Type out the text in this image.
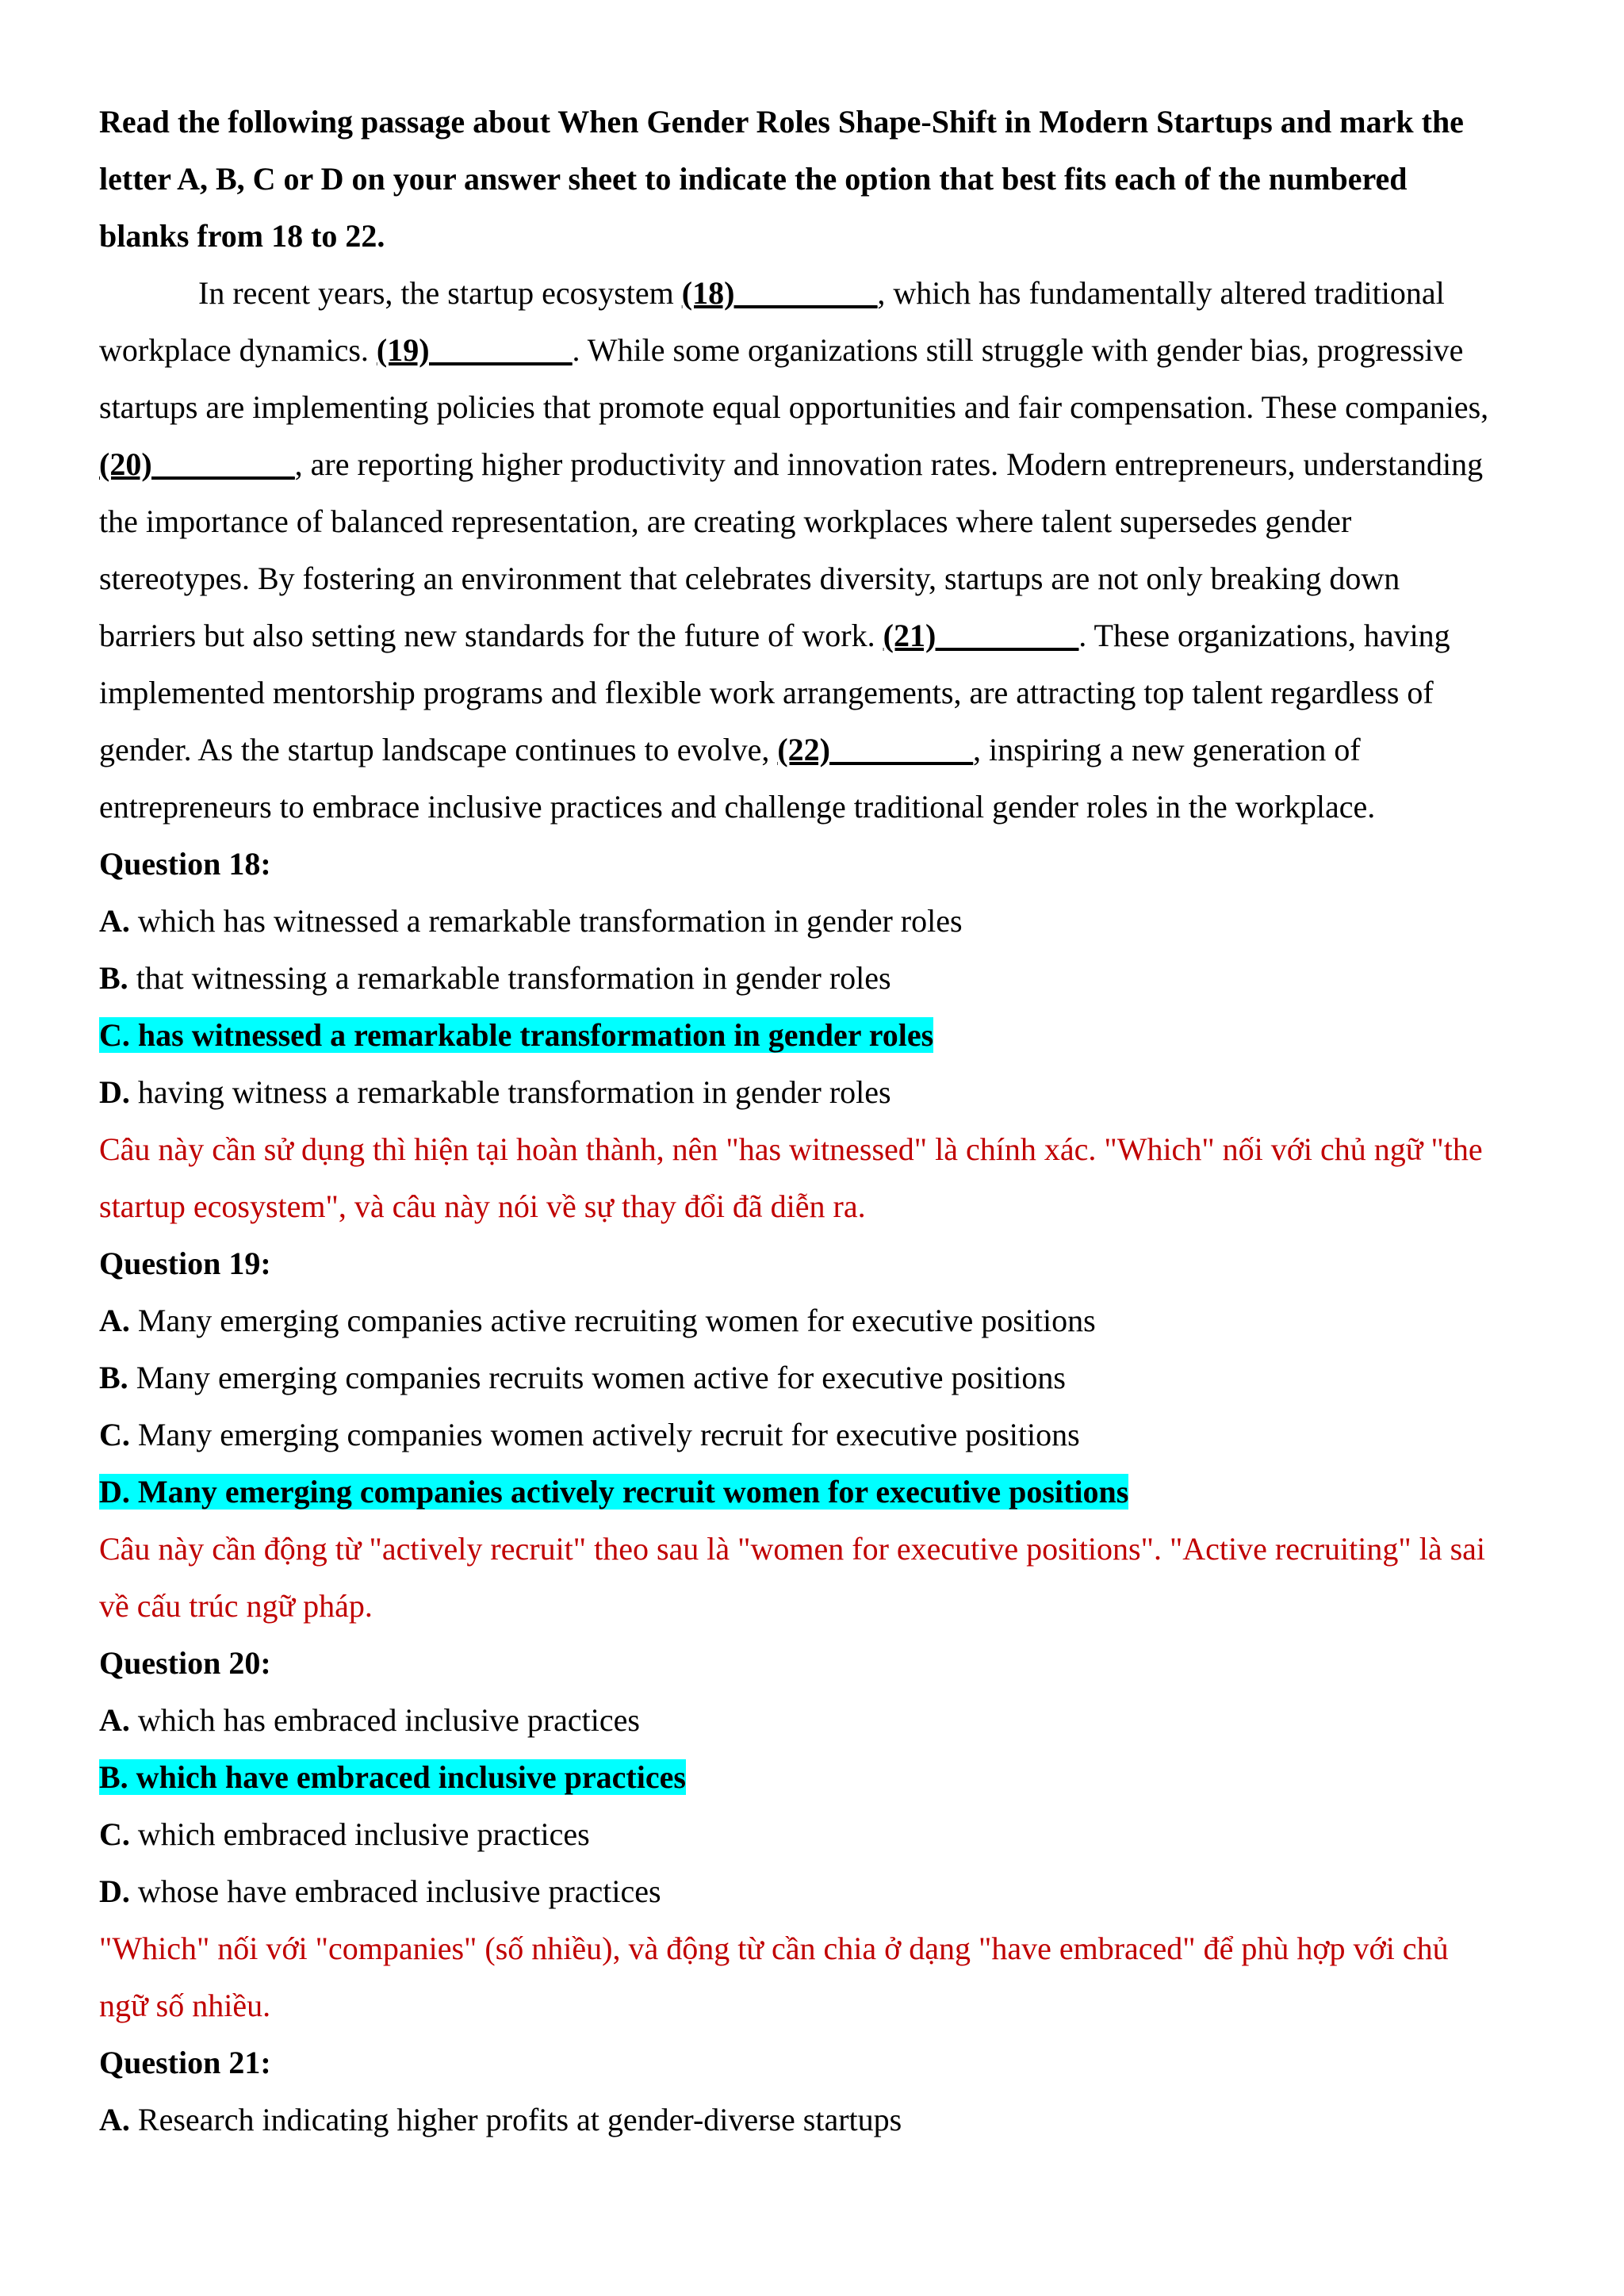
Read the following passage about When Gender Roles Shape-Shift in Modern Startups and mark the
letter A, B, C or D on your answer sheet to indicate the option that best fits each of the numbered
blanks from 18 to 22.
In recent years, the startup ecosystem (18)_________, which has fundamentally altered traditional
workplace dynamics. (19)_________. While some organizations still struggle with gender bias, progressive
startups are implementing policies that promote equal opportunities and fair compensation. These companies,
(20)_________, are reporting higher productivity and innovation rates. Modern entrepreneurs, understanding
the importance of balanced representation, are creating workplaces where talent supersedes gender
stereotypes. By fostering an environment that celebrates diversity, startups are not only breaking down
barriers but also setting new standards for the future of work. (21)_________. These organizations, having
implemented mentorship programs and flexible work arrangements, are attracting top talent regardless of
gender. As the startup landscape continues to evolve, (22)_________, inspiring a new generation of
entrepreneurs to embrace inclusive practices and challenge traditional gender roles in the workplace.
Question 18:
A. which has witnessed a remarkable transformation in gender roles
B. that witnessing a remarkable transformation in gender roles
C. has witnessed a remarkable transformation in gender roles
D. having witness a remarkable transformation in gender roles
Câu này cần sử dụng thì hiện tại hoàn thành, nên "has witnessed" là chính xác. "Which" nối với chủ ngữ "the
startup ecosystem", và câu này nói về sự thay đổi đã diễn ra.
Question 19:
A. Many emerging companies active recruiting women for executive positions
B. Many emerging companies recruits women active for executive positions
C. Many emerging companies women actively recruit for executive positions
D. Many emerging companies actively recruit women for executive positions
Câu này cần động từ "actively recruit" theo sau là "women for executive positions". "Active recruiting" là sai
về cấu trúc ngữ pháp.
Question 20:
A. which has embraced inclusive practices
B. which have embraced inclusive practices
C. which embraced inclusive practices
D. whose have embraced inclusive practices
"Which" nối với "companies" (số nhiều), và động từ cần chia ở dạng "have embraced" để phù hợp với chủ
ngữ số nhiều.
Question 21:
A. Research indicating higher profits at gender-diverse startups
